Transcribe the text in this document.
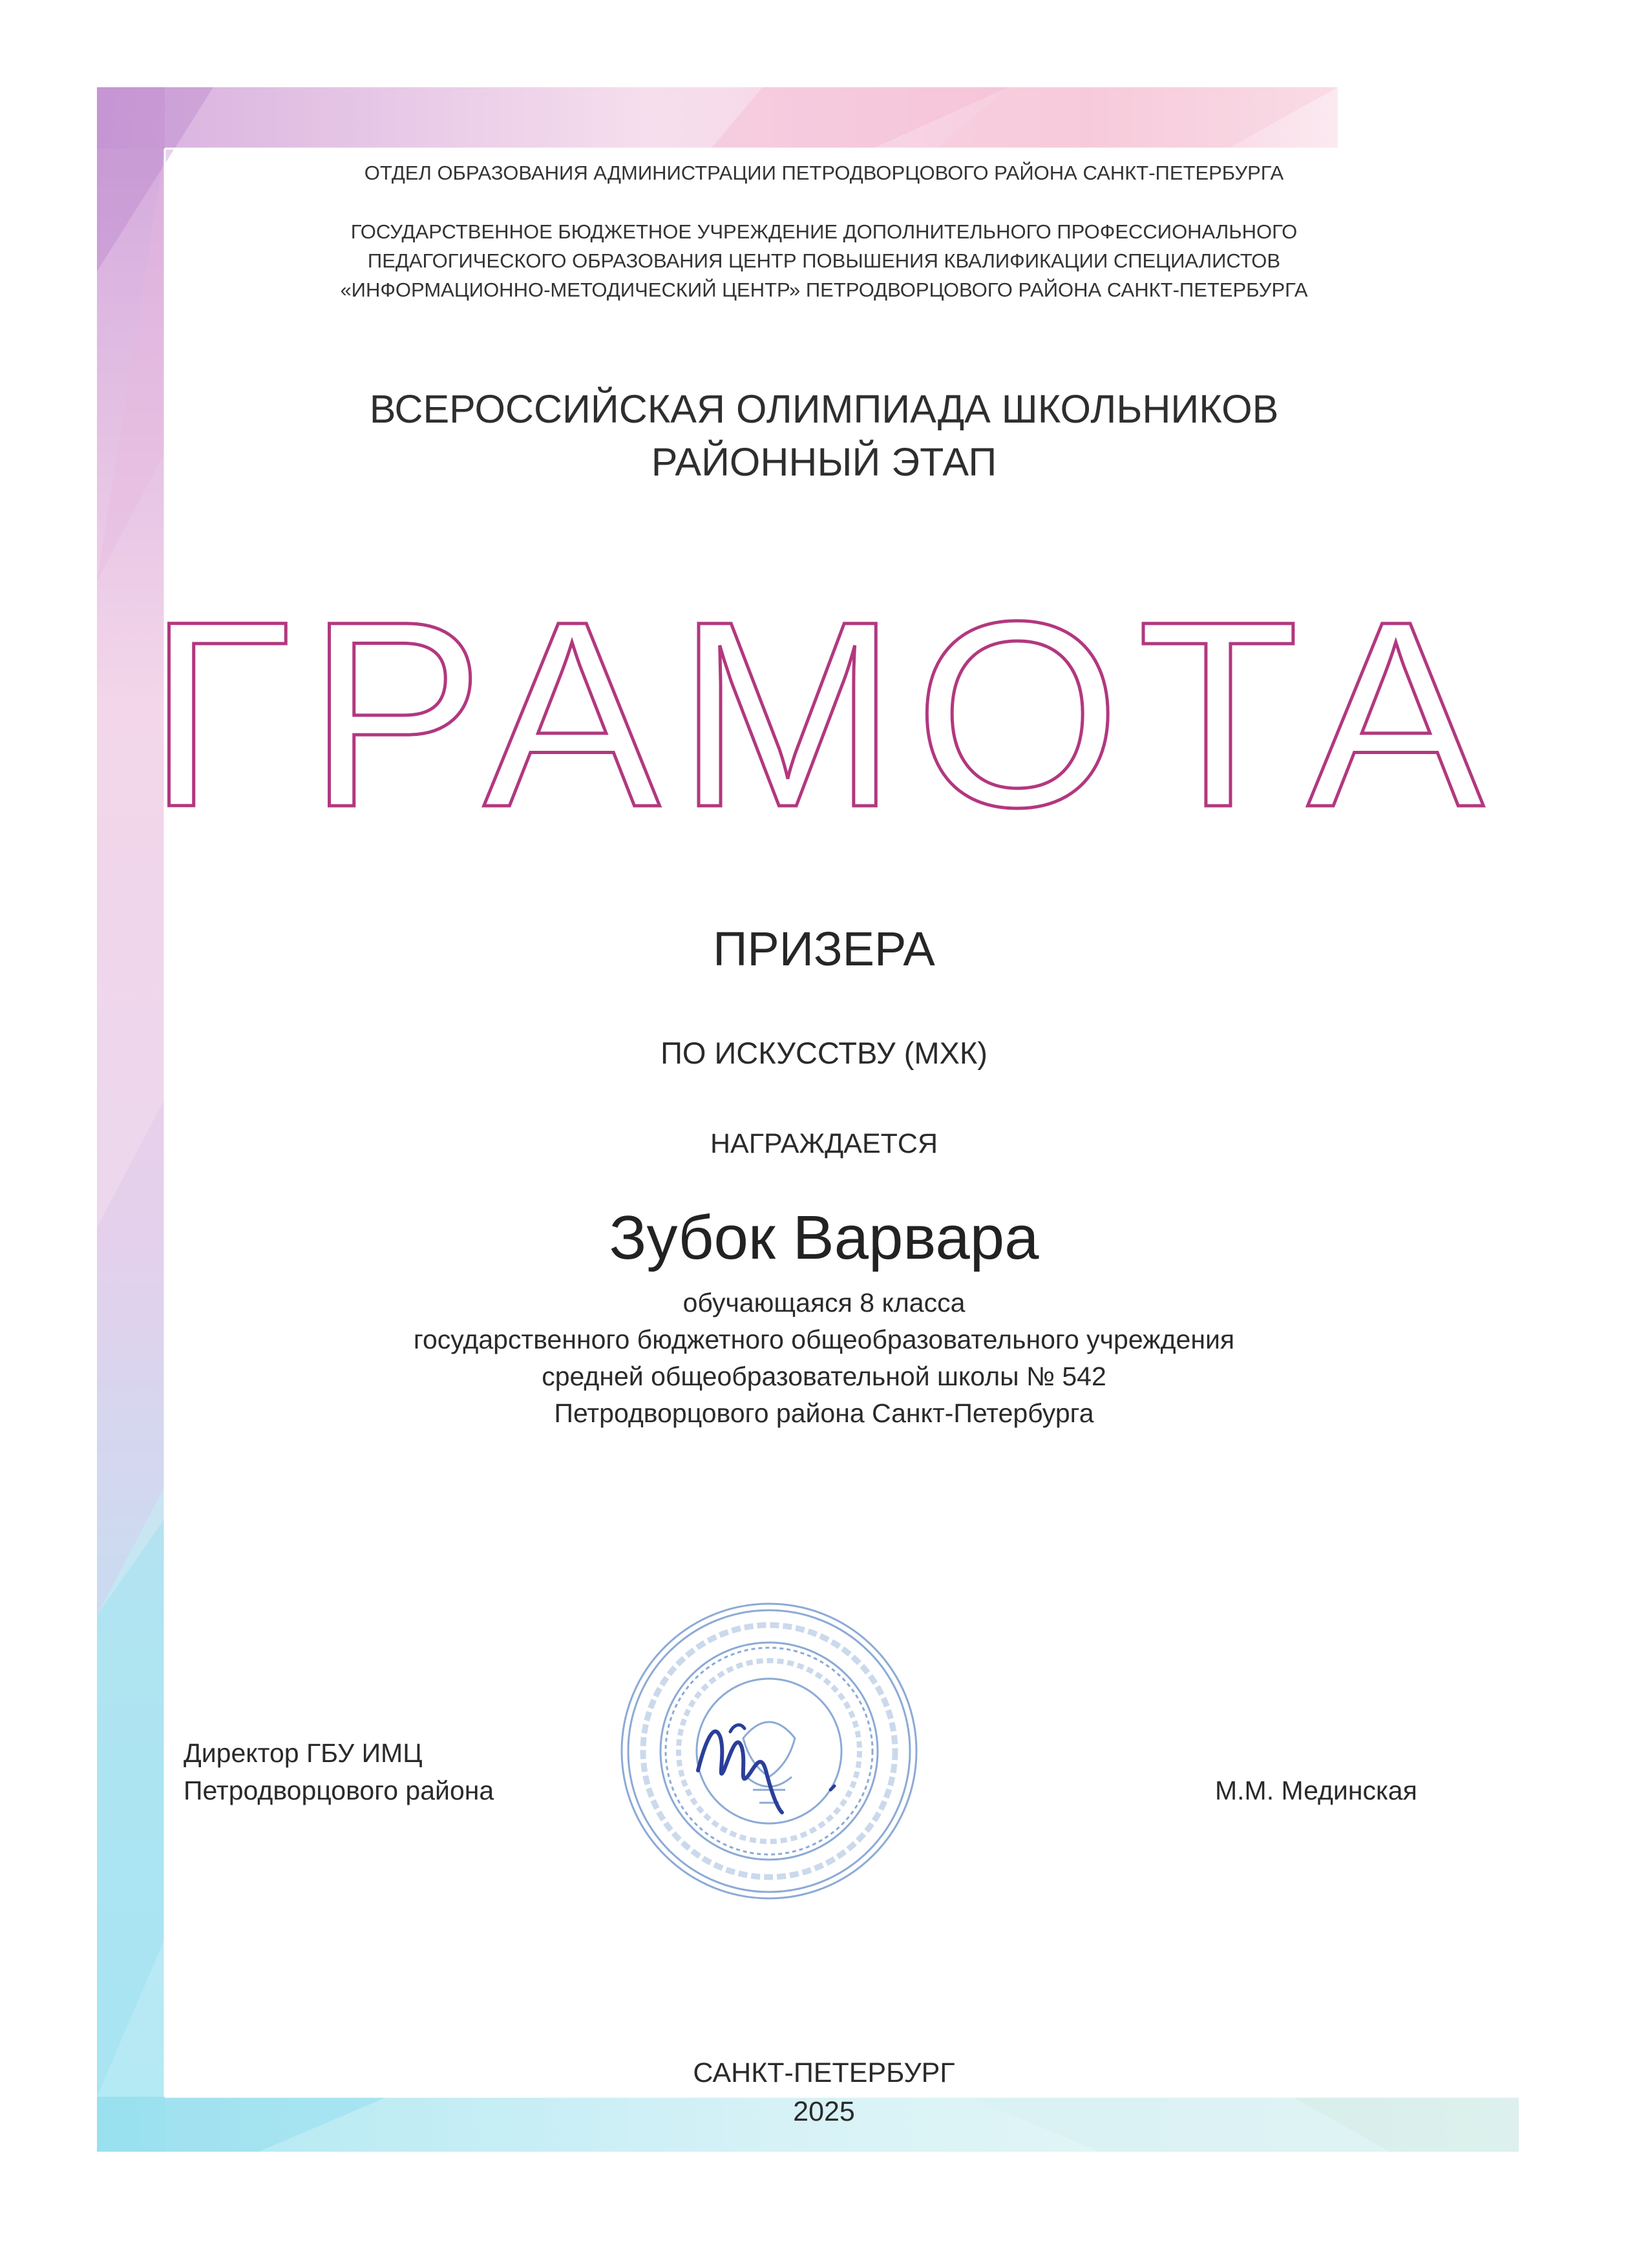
ОТДЕЛ ОБРАЗОВАНИЯ АДМИНИСТРАЦИИ ПЕТРОДВОРЦОВОГО РАЙОНА САНКТ-ПЕТЕРБУРГА
ГОСУДАРСТВЕННОЕ БЮДЖЕТНОЕ УЧРЕЖДЕНИЕ ДОПОЛНИТЕЛЬНОГО ПРОФЕССИОНАЛЬНОГО
ПЕДАГОГИЧЕСКОГО ОБРАЗОВАНИЯ ЦЕНТР ПОВЫШЕНИЯ КВАЛИФИКАЦИИ СПЕЦИАЛИСТОВ
«ИНФОРМАЦИОННО-МЕТОДИЧЕСКИЙ ЦЕНТР» ПЕТРОДВОРЦОВОГО РАЙОНА САНКТ-ПЕТЕРБУРГА
ВСЕРОССИЙСКАЯ ОЛИМПИАДА ШКОЛЬНИКОВ
РАЙОННЫЙ ЭТАП
ГРАМОТА
ПРИЗЕРА
ПО ИСКУССТВУ (МХК)
НАГРАЖДАЕТСЯ
Зубок Варвара
обучающаяся 8 класса
государственного бюджетного общеобразовательного учреждения
средней общеобразовательной школы № 542
Петродворцового района Санкт-Петербурга
Директор ГБУ ИМЦ
Петродворцового района	М.М. Мединская
САНКТ-ПЕТЕРБУРГ
2025
